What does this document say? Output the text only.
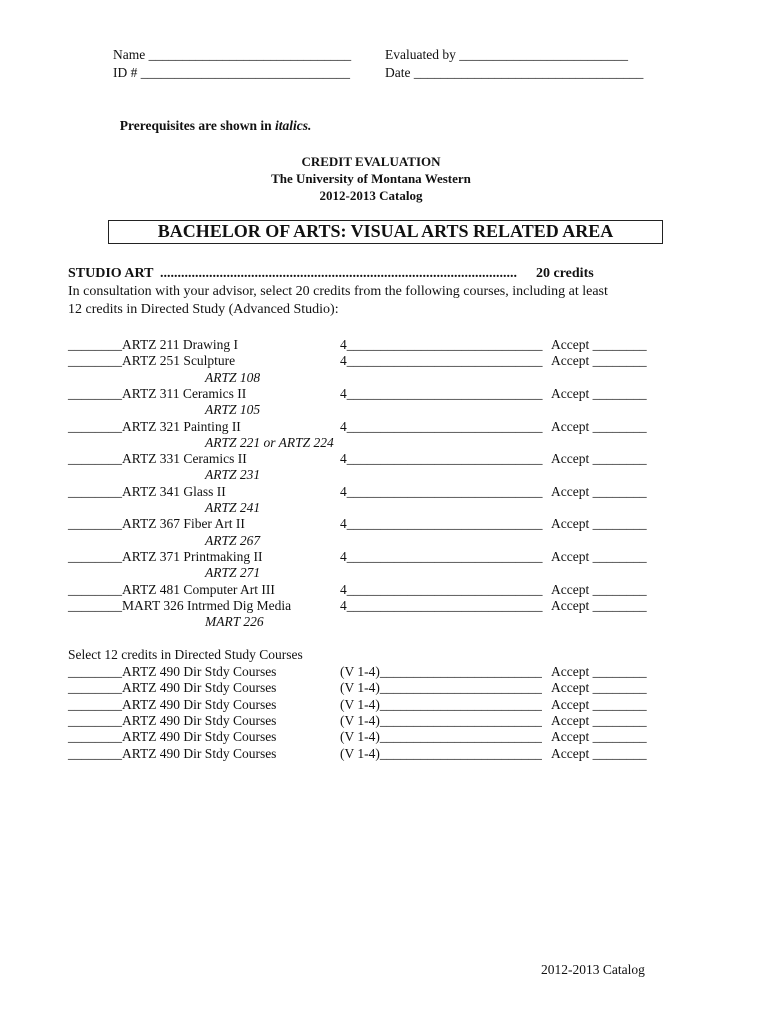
Name ______________________________	Evaluated by _________________________
ID # _______________________________	Date __________________________________

Prerequisites are shown in italics.

CREDIT EVALUATION
The University of Montana Western
2012-2013 Catalog
BACHELOR OF ARTS: VISUAL ARTS RELATED AREA
STUDIO ART ......................................................................................................	20 credits
In consultation with your advisor, select 20 credits from the following courses, including at least
12 credits in Directed Study (Advanced Studio):
________ARTZ 211 Drawing I	4_____________________________ Accept ________
________ARTZ 251 Sculpture	4_____________________________ Accept ________
ARTZ 108
________ARTZ 311 Ceramics II	4_____________________________ Accept ________
ARTZ 105
________ARTZ 321 Painting II	4_____________________________ Accept ________
ARTZ 221 or ARTZ 224
________ARTZ 331 Ceramics II	4_____________________________ Accept ________
ARTZ 231
________ARTZ 341 Glass II	4_____________________________ Accept ________
ARTZ 241
________ARTZ 367 Fiber Art II	4_____________________________ Accept ________
ARTZ 267
________ARTZ 371 Printmaking II	4_____________________________ Accept ________
ARTZ 271
________ARTZ 481 Computer Art III	4_____________________________ Accept ________
________MART 326 Intrmed Dig Media	4_____________________________ Accept ________
MART 226
Select 12 credits in Directed Study Courses
________ARTZ 490 Dir Stdy Courses	(V 1-4)________________________ Accept ________
________ARTZ 490 Dir Stdy Courses	(V 1-4)________________________ Accept ________
________ARTZ 490 Dir Stdy Courses	(V 1-4)________________________ Accept ________
________ARTZ 490 Dir Stdy Courses	(V 1-4)________________________ Accept ________
________ARTZ 490 Dir Stdy Courses	(V 1-4)________________________ Accept ________
________ARTZ 490 Dir Stdy Courses	(V 1-4)________________________ Accept ________
2012-2013 Catalog
